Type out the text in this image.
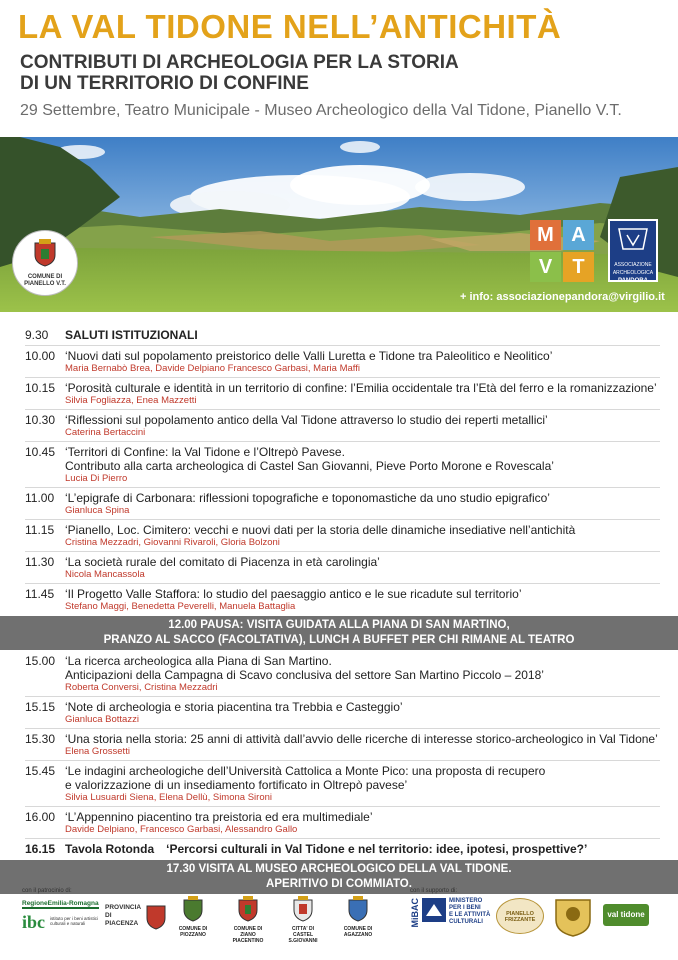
LA VAL TIDONE NELL’ANTICHITÀ
CONTRIBUTI DI ARCHEOLOGIA PER LA STORIA
DI UN TERRITORIO DI CONFINE
29 Settembre, Teatro Municipale - Museo Archeologico della Val Tidone, Pianello V.T.
COMUNE DI
PIANELLO V.T.
M A
V	T	ASSOCIAZIONE
ARCHEOLOGICA
PANDORA
+ info: associazionepandora@virgilio.it
9.30 SALUTI ISTITUZIONALI
10.00 ‘Nuovi dati sul popolamento preistorico delle Valli Luretta e Tidone tra Paleolitico e Neolitico’
Maria Bernabò Brea, Davide Delpiano Francesco Garbasi, Maria Maffi
10.15 ‘Porosità culturale e identità in un territorio di confine: l’Emilia occidentale tra l’Età del ferro e la romanizzazione’
Silvia Fogliazza, Enea Mazzetti
10.30 ‘Riflessioni sul popolamento antico della Val Tidone attraverso lo studio dei reperti metallici’
Caterina Bertaccini
10.45 ‘Territori di Confine: la Val Tidone e l’Oltrepò Pavese.
Contributo alla carta archeologica di Castel San Giovanni, Pieve Porto Morone e Rovescala’
Lucia Di Pierro
11.00 ‘L’epigrafe di Carbonara: riflessioni topografiche e toponomastiche da uno studio epigrafico’
Gianluca Spina
11.15 ‘Pianello, Loc. Cimitero: vecchi e nuovi dati per la storia delle dinamiche insediative nell’antichità
Cristina Mezzadri, Giovanni Rivaroli, Gloria Bolzoni
11.30 ‘La società rurale del comitato di Piacenza in età carolingia’
Nicola Mancassola
11.45 ‘Il Progetto Valle Staffora: lo studio del paesaggio antico e le sue ricadute sul territorio’
Stefano Maggi, Benedetta Peverelli, Manuela Battaglia
12.00 PAUSA: VISITA GUIDATA ALLA PIANA DI SAN MARTINO,
PRANZO AL SACCO (FACOLTATIVA), LUNCH A BUFFET PER CHI RIMANE AL TEATRO
15.00 ‘La ricerca archeologica alla Piana di San Martino.
Anticipazioni della Campagna di Scavo conclusiva del settore San Martino Piccolo – 2018’
Roberta Conversi, Cristina Mezzadri
15.15 ‘Note di archeologia e storia piacentina tra Trebbia e Casteggio’
Gianluca Bottazzi
15.30 ‘Una storia nella storia: 25 anni di attività dall’avvio delle ricerche di interesse storico-archeologico in Val Tidone’
Elena Grossetti
15.45 ‘Le indagini archeologiche dell’Università Cattolica a Monte Pico: una proposta di recupero
e valorizzazione di un insediamento fortificato in Oltrepò pavese’
Silvia Lusuardi Siena, Elena Dellù, Simona Sironi
16.00 ‘L’Appennino piacentino tra preistoria ed era multimediale’
Davide Delpiano, Francesco Garbasi, Alessandro Gallo
16.15 Tavola Rotonda ‘Percorsi culturali in Val Tidone e nel territorio: idee, ipotesi, prospettive?’
17.30 VISITA AL MUSEO ARCHEOLOGICO DELLA VAL TIDONE.
APERITIVO DI COMMIATO.
con il patrocinio di:
RegioneEmilia-Romagna
ibc istituto per i beni artistici culturali e naturali
PROVINCIA DI PIACENZA
COMUNE DI
PIOZZANO
COMUNE DI
ZIANO PIACENTINO
CITTA' DI
CASTEL S.GIOVANNI
COMUNE DI
AGAZZANO
con il supporto di:
MiBAC	MINISTERO
PER I BENI
E LE ATTIVITÀ
CULTURALI
PIANELLO FRIZZANTE
val tidone
